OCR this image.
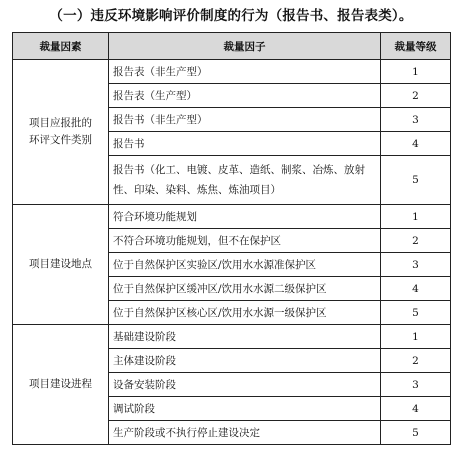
（一）违反环境影响评价制度的行为（报告书、报告表类）。
裁量因素	裁量因子	裁量等级
项目应报批的
环评文件类别	报告表（非生产型）	1
	报告表（生产型）	2
	报告书（非生产型）	3
	报告书	4
	报告书（化工、电镀、皮革、造纸、制浆、冶炼、放射性、印染、染料、炼焦、炼油项目）	5
项目建设地点	符合环境功能规划	1
	不符合环境功能规划，但不在保护区	2
	位于自然保护区实验区/饮用水水源准保护区	3
	位于自然保护区缓冲区/饮用水水源二级保护区	4
	位于自然保护区核心区/饮用水水源一级保护区	5
项目建设进程	基础建设阶段	1
	主体建设阶段	2
	设备安装阶段	3
	调试阶段	4
	生产阶段或不执行停止建设决定	5
